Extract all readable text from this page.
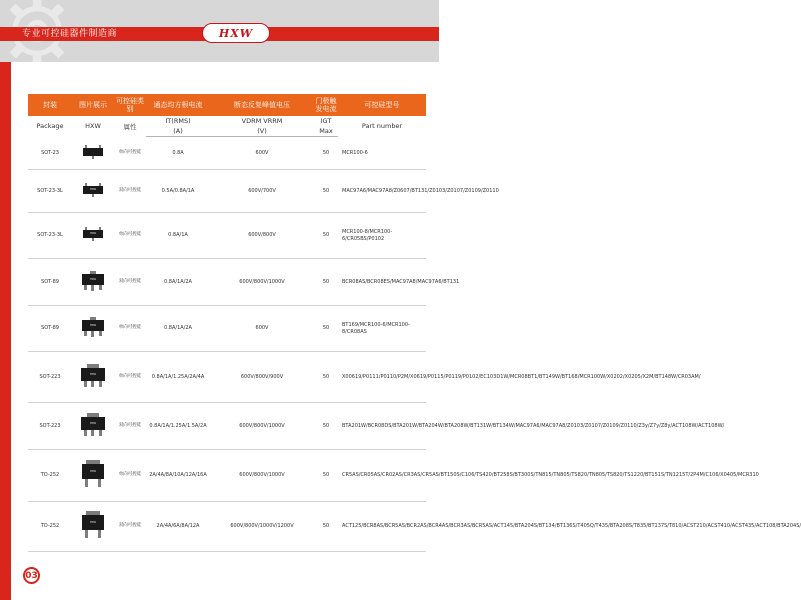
专业可控硅器件制造商	HXW
封装	图片展示	可控硅类别	通态均方根电流	断态反复峰值电压	门极触发电流	可控硅型号
Package	HXW	属性	IT(RMS)	VDRM VRRM	IGT	Part number
			(A)	(V)	Max	
SOT-23		单向可控硅	0.8A	600V	50	MCR100-6
SOT-23-3L	HXW	双向可控硅	0.5A/0.8A/1A	600V/700V	50	MAC97A6/MAC97A8/Z0607/BT131/Z0103/Z0107/Z0109/Z0110
SOT-23-3L	HXW	单向可控硅	0.8A/1A	600V/800V	50	MCR100-8/MCR100-6/CR05BS/P0102
SOT-89	HXW	双向可控硅	0.8A/1A/2A	600V/800V/1000V	50	BCR08AS/BCR08ES/MAC97A8/MAC97A6/BT131
SOT-89	HXW	单向可控硅	0.8A/1A/2A	600V	50	BT169/MCR100-6/MCR100-8/CR08AS
SOT-223	HXW	单向可控硅	0.8A/1A/1.25A/2A/4A	600V/800V/900V	50	X00619/P0111/P0110/P2M/X0619/P0115/P0119/P0102/EC103D1W/MCR08BT1/BT149W/BT168/MCR100W/X0202/X0205/X2M/BT148W/CR03AM/
SOT-223	HXW	双向可控硅	0.8A/1A/1.25A/1.5A/2A	600V/800V/1000V	50	BTA201W/BCR08DS/BTA201W/BTA204W/BTA208W/BT131W/BT134W/MAC97A6/MAC97A8/Z0103/Z0107/Z0109/Z0110/Z3y/Z7y/Z8y/ACT108W/ACT108W/
TO-252	HXW	单向可控硅	2A/4A/8A/10A/12A/16A	600V/800V/1000V	50	CR5AS/CR05AS/CR02AS/CR3AS/CR5AS/BT150S/C106/TS420/BT258S/BT300S/TN815/TN805/TS820/TN805/TS820/TS1220/BT151S/TN1215T/2P4M/C106/X0405/MCR310
TO-252	HXW	双向可控硅	2A/4A/6A/8A/12A	600V/800V/1000V/1200V	50	ACT125/BCR8AS/BCR5AS/BCR2AS/BCR4AS/BCR3AS/BCR5AS/ACT145/BTA204S/BT134/BT136S/T405Q/T435/BTA208S/T835/BT137S/T810/ACST210/ACST410/ACST435/ACT108/BTA204S/
03
